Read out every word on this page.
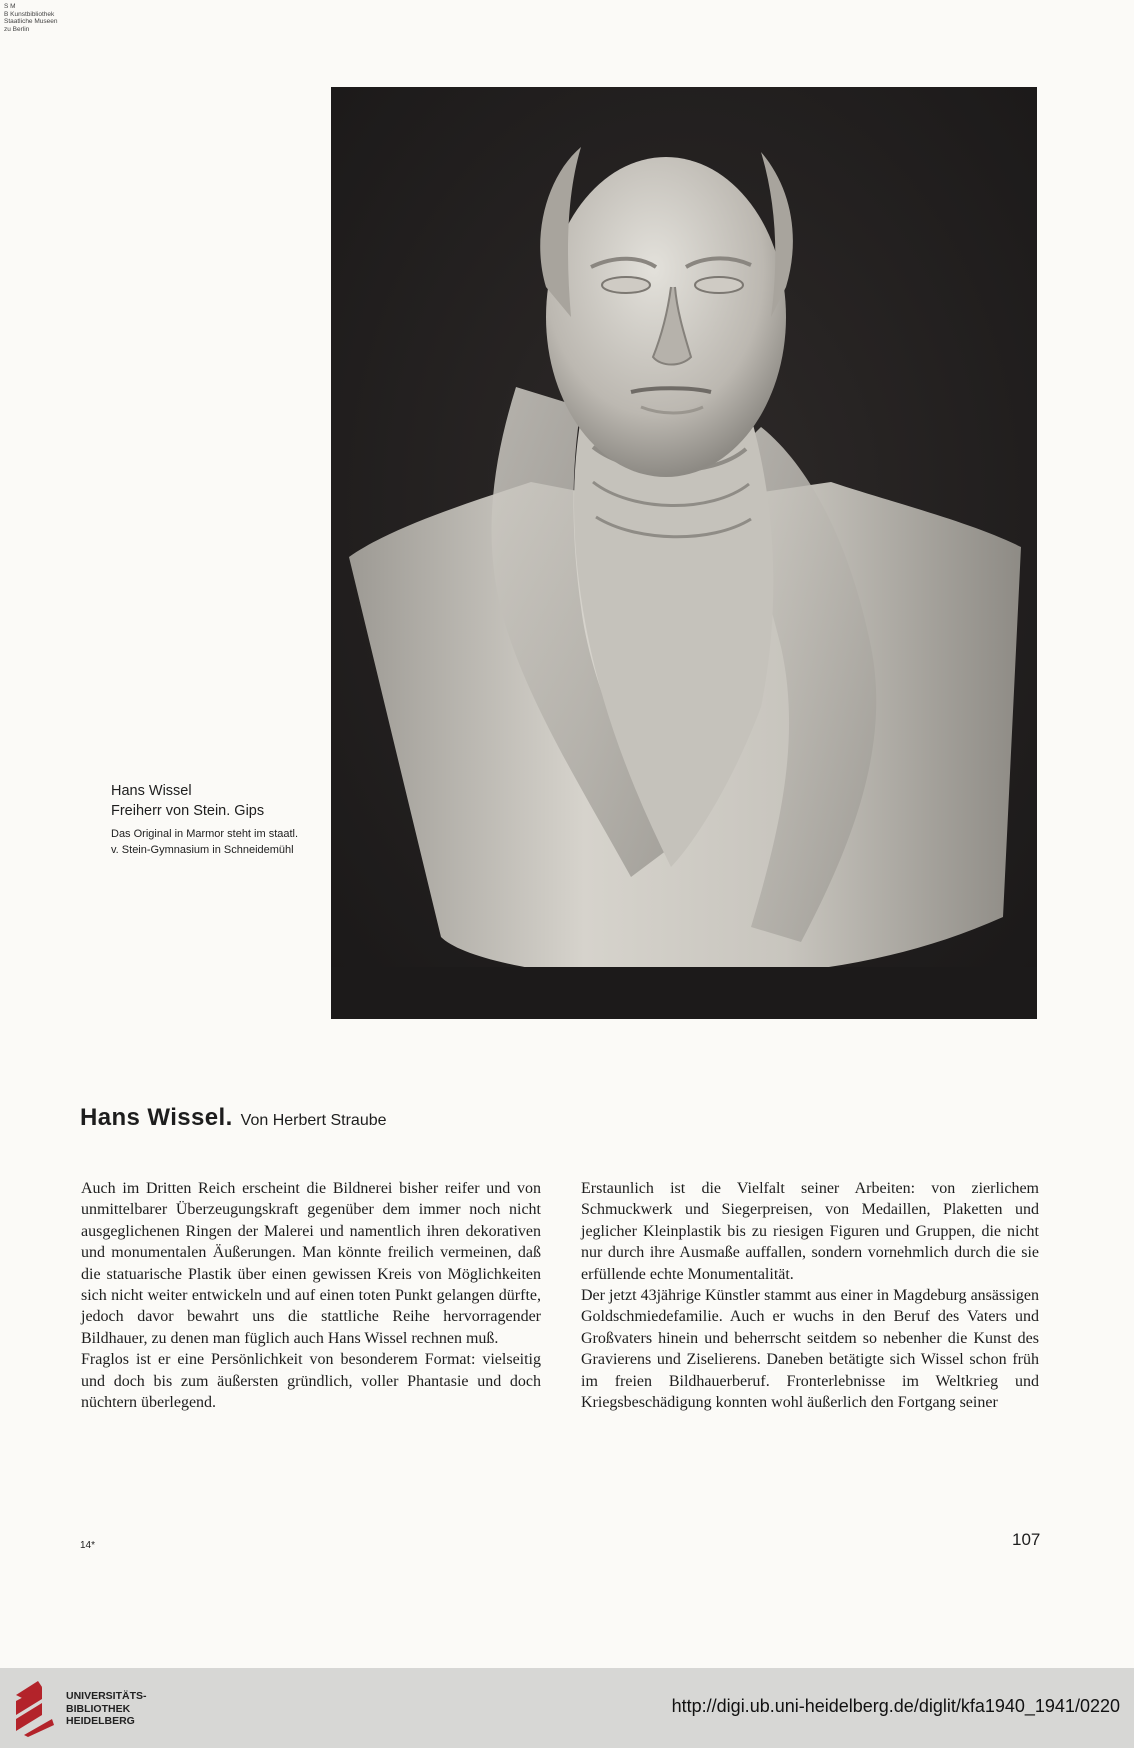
S M
B Kunstbibliothek
Staatliche Museen
zu Berlin
Hans Wissel
Freiherr von Stein. Gips
Das Original in Marmor steht im staatl. v. Stein-Gymnasium in Schneidemühl
Hans Wissel. Von Herbert Straube

Auch im Dritten Reich erscheint die Bildnerei bisher reifer und von unmittelbarer Überzeugungskraft gegenüber dem immer noch nicht ausgeglichenen Ringen der Malerei und namentlich ihren dekorativen und monumentalen Äußerungen. Man könnte freilich vermeinen, daß die statuarische Plastik über einen gewissen Kreis von Möglichkeiten sich nicht weiter entwickeln und auf einen toten Punkt gelangen dürfte, jedoch davor bewahrt uns die stattliche Reihe hervorragender Bildhauer, zu denen man füglich auch Hans Wissel rechnen muß.

Fraglos ist er eine Persönlichkeit von besonderem Format: vielseitig und doch bis zum äußersten gründlich, voller Phantasie und doch nüchtern überlegend.

Erstaunlich ist die Vielfalt seiner Arbeiten: von zierlichem Schmuckwerk und Siegerpreisen, von Medaillen, Plaketten und jeglicher Kleinplastik bis zu riesigen Figuren und Gruppen, die nicht nur durch ihre Ausmaße auffallen, sondern vornehmlich durch die sie erfüllende echte Monumentalität.

Der jetzt 43jährige Künstler stammt aus einer in Magdeburg ansässigen Goldschmiedefamilie. Auch er wuchs in den Beruf des Vaters und Großvaters hinein und beherrscht seitdem so nebenher die Kunst des Gravierens und Ziselierens. Daneben betätigte sich Wissel schon früh im freien Bildhauerberuf. Fronterlebnisse im Weltkrieg und Kriegsbeschädigung konnten wohl äußerlich den Fortgang seiner

14*	107
UNIVERSITÄTS-
BIBLIOTHEK
HEIDELBERG
http://digi.ub.uni-heidelberg.de/diglit/kfa1940_1941/0220
